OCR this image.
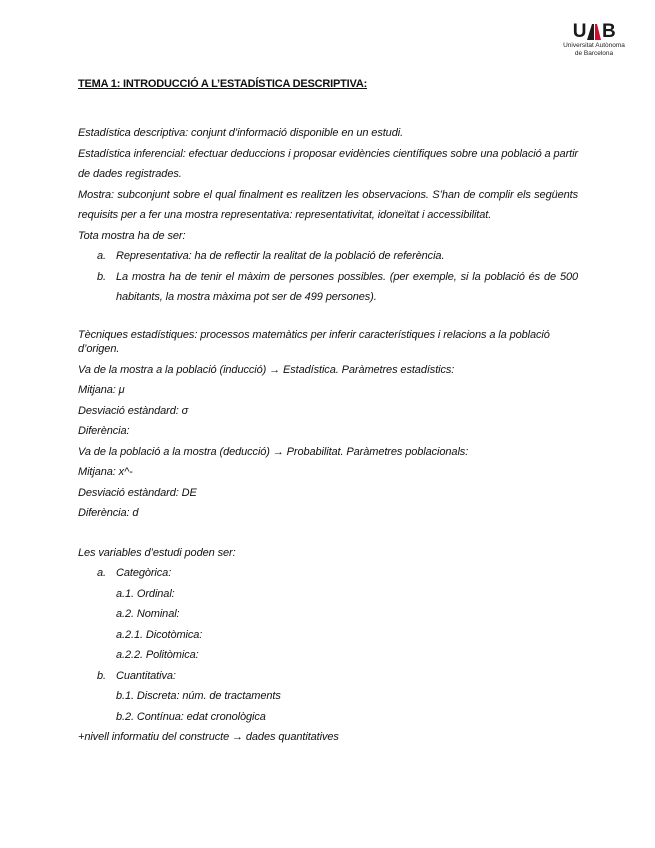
U B
Universitat Autònoma
de Barcelona
TEMA 1: INTRODUCCIÓ A L’ESTADÍSTICA DESCRIPTIVA:

Estadística descriptiva: conjunt d’informació disponible en un estudi.

Estadística inferencial: efectuar deduccions i proposar evidències científiques sobre una població a partir de dades registrades.

Mostra: subconjunt sobre el qual finalment es realitzen les observacions. S’han de complir els següents requisits per a fer una mostra representativa: representativitat, idoneïtat i accessibilitat.

Tota mostra ha de ser:

a. Representativa: ha de reflectir la realitat de la població de referència.
b. La mostra ha de tenir el màxim de persones possibles. (per exemple, si la població és de 500 habitants, la mostra màxima pot ser de 499 persones).

Tècniques estadístiques: processos matemàtics per inferir característiques i relacions a la població d’origen.

Va de la mostra a la població (inducció) → Estadística. Paràmetres estadístics:

Mitjana: μ

Desviació estàndard: σ

Diferència:

Va de la població a la mostra (deducció) → Probabilitat. Paràmetres poblacionals:

Mitjana: x^-

Desviació estàndard: DE

Diferència: d

Les variables d’estudi poden ser:

a. Categòrica:

a.1. Ordinal:

a.2. Nominal:

a.2.1. Dicotòmica:

a.2.2. Politòmica:

b. Cuantitativa:

b.1. Discreta: núm. de tractaments

b.2. Contínua: edat cronològica

+nivell informatiu del constructe → dades quantitatives
